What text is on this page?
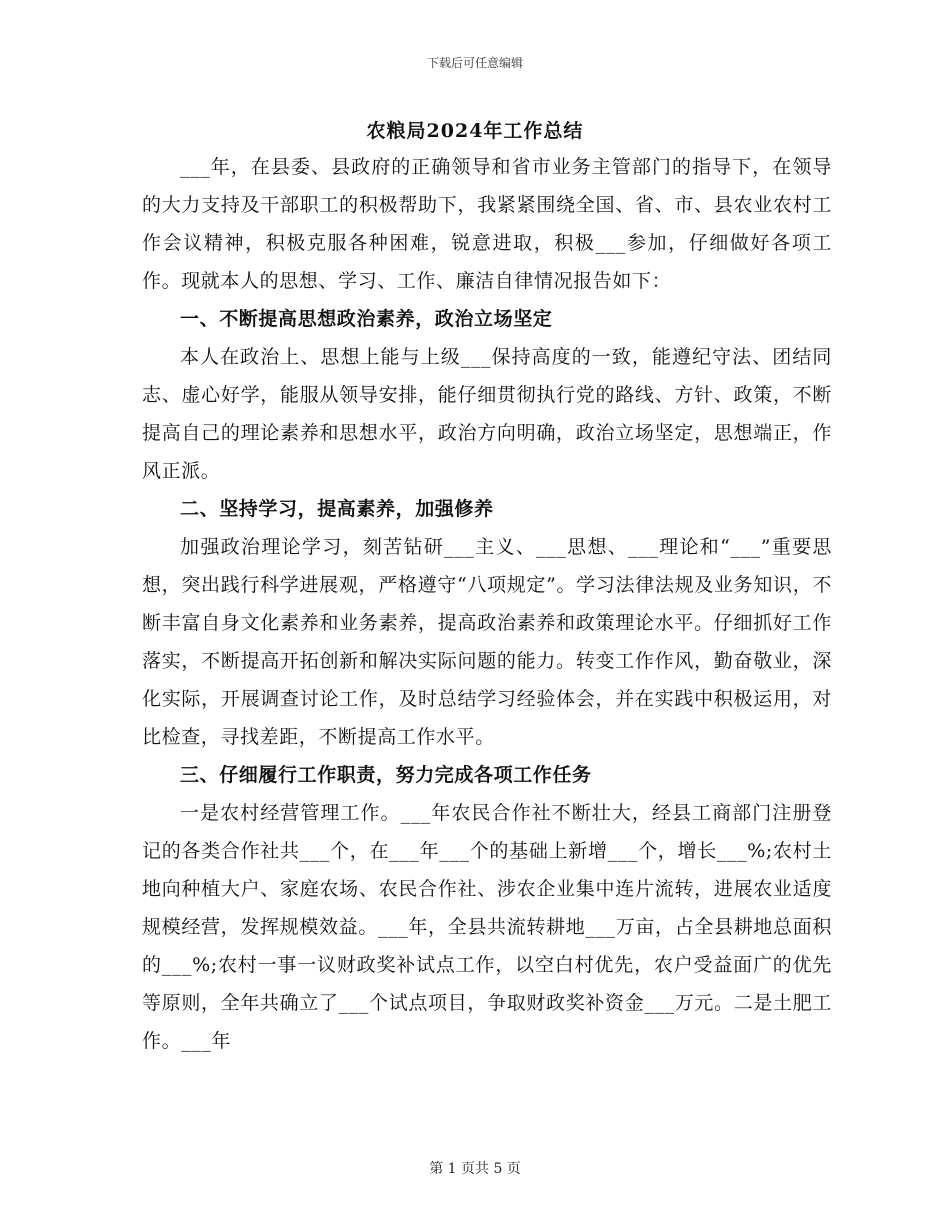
下载后可任意编辑
农粮局2024年工作总结

___年，在县委、县政府的正确领导和省市业务主管部门的指导下，在领导的大力支持及干部职工的积极帮助下，我紧紧围绕全国、省、市、县农业农村工作会议精神，积极克服各种困难，锐意进取，积极___参加，仔细做好各项工作。现就本人的思想、学习、工作、廉洁自律情况报告如下：

一、不断提高思想政治素养，政治立场坚定

本人在政治上、思想上能与上级___保持高度的一致，能遵纪守法、团结同志、虚心好学，能服从领导安排，能仔细贯彻执行党的路线、方针、政策，不断提高自己的理论素养和思想水平，政治方向明确，政治立场坚定，思想端正，作风正派。

二、坚持学习，提高素养，加强修养

加强政治理论学习，刻苦钻研___主义、___思想、___理论和“___”重要思想，突出践行科学进展观，严格遵守“八项规定”。学习法律法规及业务知识，不断丰富自身文化素养和业务素养，提高政治素养和政策理论水平。仔细抓好工作落实，不断提高开拓创新和解决实际问题的能力。转变工作作风，勤奋敬业，深化实际，开展调查讨论工作，及时总结学习经验体会，并在实践中积极运用，对比检查，寻找差距，不断提高工作水平。

三、仔细履行工作职责，努力完成各项工作任务

一是农村经营管理工作。___年农民合作社不断壮大，经县工商部门注册登记的各类合作社共___个，在___年___个的基础上新增___个，增长___%;农村土地向种植大户、家庭农场、农民合作社、涉农企业集中连片流转，进展农业适度规模经营，发挥规模效益。___年，全县共流转耕地___万亩，占全县耕地总面积的___%;农村一事一议财政奖补试点工作，以空白村优先，农户受益面广的优先等原则，全年共确立了___个试点项目，争取财政奖补资金___万元。二是土肥工作。___年

第 1 页共 5 页
